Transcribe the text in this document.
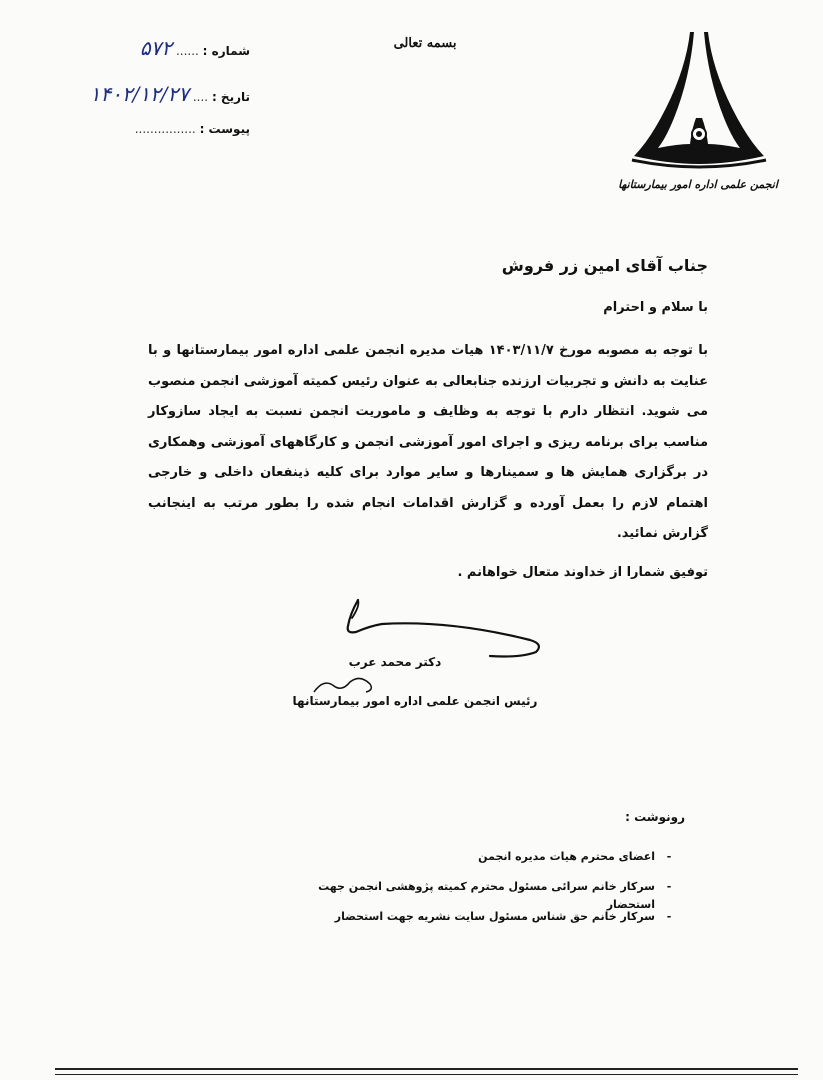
بسمه تعالی
انجمن علمی اداره امور بیمارستانها
شماره : ...... ۵۷۲
تاریخ : .... ۱۴۰۲/۱۲/۲۷
پیوست : ................
جناب آقای امین زر فروش
با سلام و احترام
با توجه به مصوبه مورخ ۱۴۰۳/۱۱/۷ هیات مدیره انجمن علمی اداره امور بیمارستانها و با عنایت به دانش و تجربیات ارزنده جنابعالی به عنوان رئیس کمیته آموزشی انجمن منصوب می شوید. انتظار دارم با توجه به وظایف و ماموریت انجمن نسبت به ایجاد سازوکار مناسب برای برنامه ریزی و اجرای امور آموزشی انجمن و کارگاههای آموزشی وهمکاری در برگزاری همایش ها و سمینارها و سایر موارد برای کلیه ذینفعان داخلی و خارجی اهتمام لازم را بعمل آورده و گزارش اقدامات انجام شده را بطور مرتب به اینجانب گزارش نمائید.
توفیق شمارا از خداوند متعال خواهانم .
دکتر محمد عرب
رئیس انجمن علمی اداره امور بیمارستانها
رونوشت :
-
اعضای محترم هیات مدیره انجمن
-
سرکار خانم سرائی مسئول محترم کمیته پژوهشی انجمن جهت استحضار
-
سرکار خانم حق شناس مسئول سایت نشریه جهت استحضار
